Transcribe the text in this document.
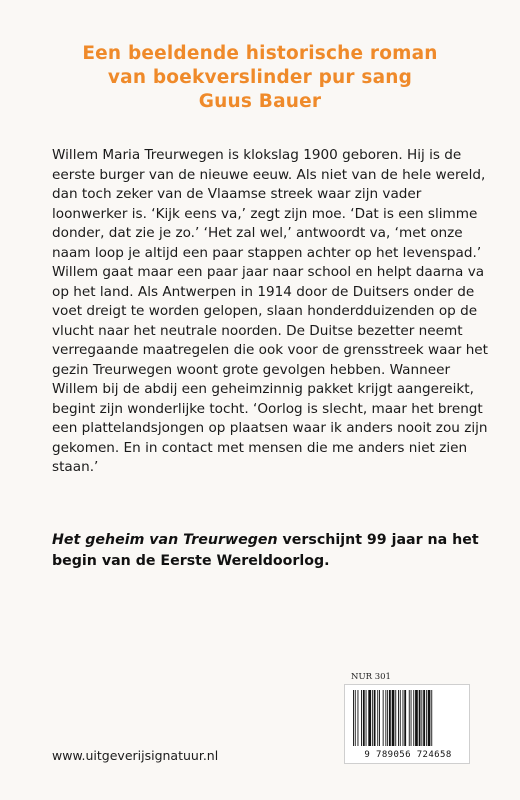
Een beeldende historische roman
van boekverslinder pur sang
Guus Bauer

Willem Maria Treurwegen is klokslag 1900 geboren. Hij is de eerste burger van de nieuwe eeuw. Als niet van de hele wereld, dan toch zeker van de Vlaamse streek waar zijn vader loonwerker is. ‘Kijk eens va,’ zegt zijn moe. ‘Dat is een slimme donder, dat zie je zo.’ ‘Het zal wel,’ antwoordt va, ‘met onze naam loop je altijd een paar stappen achter op het levenspad.’

Willem gaat maar een paar jaar naar school en helpt daarna va op het land. Als Antwerpen in 1914 door de Duitsers onder de voet dreigt te worden gelopen, slaan honderdduizenden op de vlucht naar het neutrale noorden. De Duitse bezetter neemt verregaande maatregelen die ook voor de grensstreek waar het gezin Treurwegen woont grote gevolgen hebben. Wanneer Willem bij de abdij een geheimzinnig pakket krijgt aangereikt, begint zijn wonderlijke tocht. ‘Oorlog is slecht, maar het brengt een plattelandsjongen op plaatsen waar ik anders nooit zou zijn gekomen. En in contact met mensen die me anders niet zien staan.’

Het geheim van Treurwegen verschijnt 99 jaar na het begin van de Eerste Wereldoorlog.
NUR 301
9 789056 724658
www.uitgeverijsignatuur.nl
